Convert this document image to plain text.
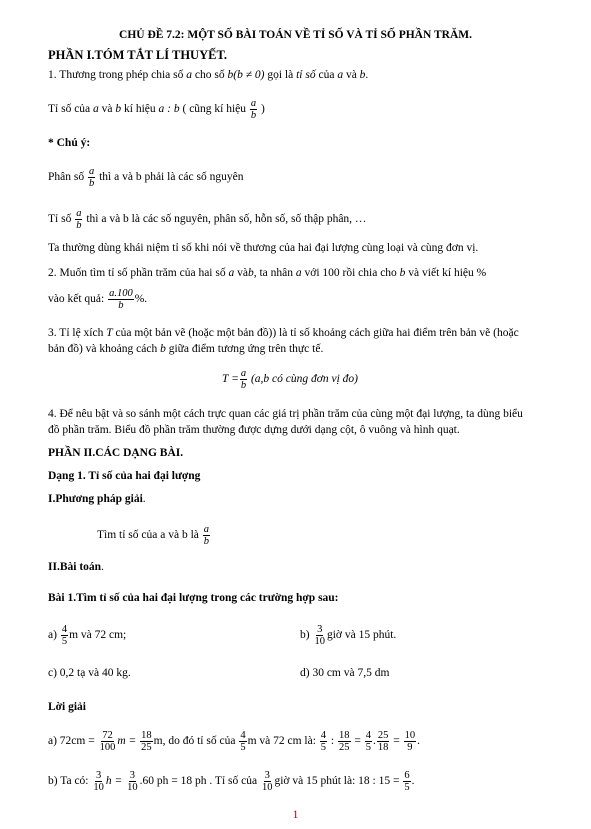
CHỦ ĐỀ 7.2: MỘT SỐ BÀI TOÁN VỀ TỈ SỐ VÀ TỈ SỐ PHẦN TRĂM.
PHẦN I.TÓM TẮT LÍ THUYẾT.
1. Thương trong phép chia số a cho số b(b ≠ 0) gọi là tỉ số của a và b.
Tỉ số của a và b kí hiệu a : b ( cũng kí hiệu $\frac{a}{b}$ )
* Chú ý:
Phân số $\frac{a}{b}$ thì a và b phải là các số nguyên
Tỉ số $\frac{a}{b}$ thì a và b là các số nguyên, phân số, hỗn số, số thập phân, …
Ta thường dùng khái niệm tỉ số khi nói về thương của hai đại lượng cùng loại và cùng đơn vị.
2. Muốn tìm tỉ số phần trăm của hai số a vàb, ta nhân a với 100 rồi chia cho b và viết kí hiệu %
vào kết quả: $\frac{a.100}{b}$ %.
3. Tỉ lệ xích T của một bản vẽ (hoặc một bản đồ)) là tỉ số khoảng cách giữa hai điểm trên bản vẽ (hoặc
bản đồ) và khoảng cách b giữa điểm tương ứng trên thực tế.
$T = \frac{a}{b} (a,b$ có cùng đơn vị đo)
4. Để nêu bật và so sánh một cách trực quan các giá trị phần trăm của cùng một đại lượng, ta dùng biểu
đồ phần trăm. Biểu đồ phần trăm thường được dựng dưới dạng cột, ô vuông và hình quạt.
PHẦN II.CÁC DẠNG BÀI.
Dạng 1. Tỉ số của hai đại lượng
I.Phương pháp giải.
Tìm tỉ số của a và b là $\frac{a}{b}$
II.Bài toán.
Bài 1.Tìm tỉ số của hai đại lượng trong các trường hợp sau:
$a) \frac{4}{5}$ m và 72 cm;	$b) \frac{3}{10}$ giờ và 15 phút.
c) 0,2 tạ và 40 kg.	d) 30 cm và 7,5 dm
Lời giải
a) $72cm = \frac{72}{100}$ $m = \frac{18}{25} m$, do đó tỉ số của $\frac{4}{5}$ m và 72 cm là: $\frac{4}{5}$ : $\frac{18}{25} = \frac{4}{5}$ . $\frac{25}{18} = \frac{10}{9}$ .
b) Ta có: $\frac{3}{10}$ $h = \frac{3}{10} .60$ ph = 18 ph . Tỉ số của $\frac{3}{10}$ giờ và 15 phút là: 18 : $15 = \frac{6}{5}$ .
1
